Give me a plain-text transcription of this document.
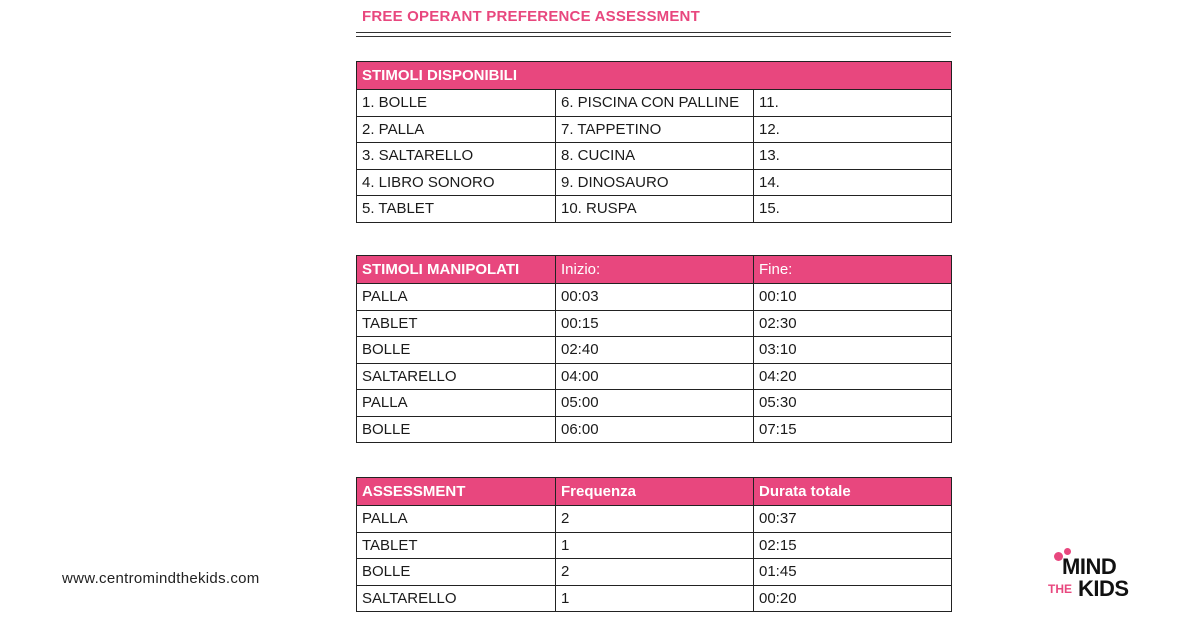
FREE OPERANT PREFERENCE ASSESSMENT
STIMOLI DISPONIBILI		
1. BOLLE	6. PISCINA CON PALLINE	11.
2. PALLA	7. TAPPETINO	12.
3. SALTARELLO	8. CUCINA	13.
4. LIBRO SONORO	9. DINOSAURO	14.
5. TABLET	10. RUSPA	15.
STIMOLI MANIPOLATI	Inizio:	Fine:
PALLA	00:03	00:10
TABLET	00:15	02:30
BOLLE	02:40	03:10
SALTARELLO	04:00	04:20
PALLA	05:00	05:30
BOLLE	06:00	07:15
ASSESSMENT	Frequenza	Durata totale
PALLA	2	00:37
TABLET	1	02:15
BOLLE	2	01:45
SALTARELLO	1	00:20
www.centromindthekids.com	MIND
THE KIDS
